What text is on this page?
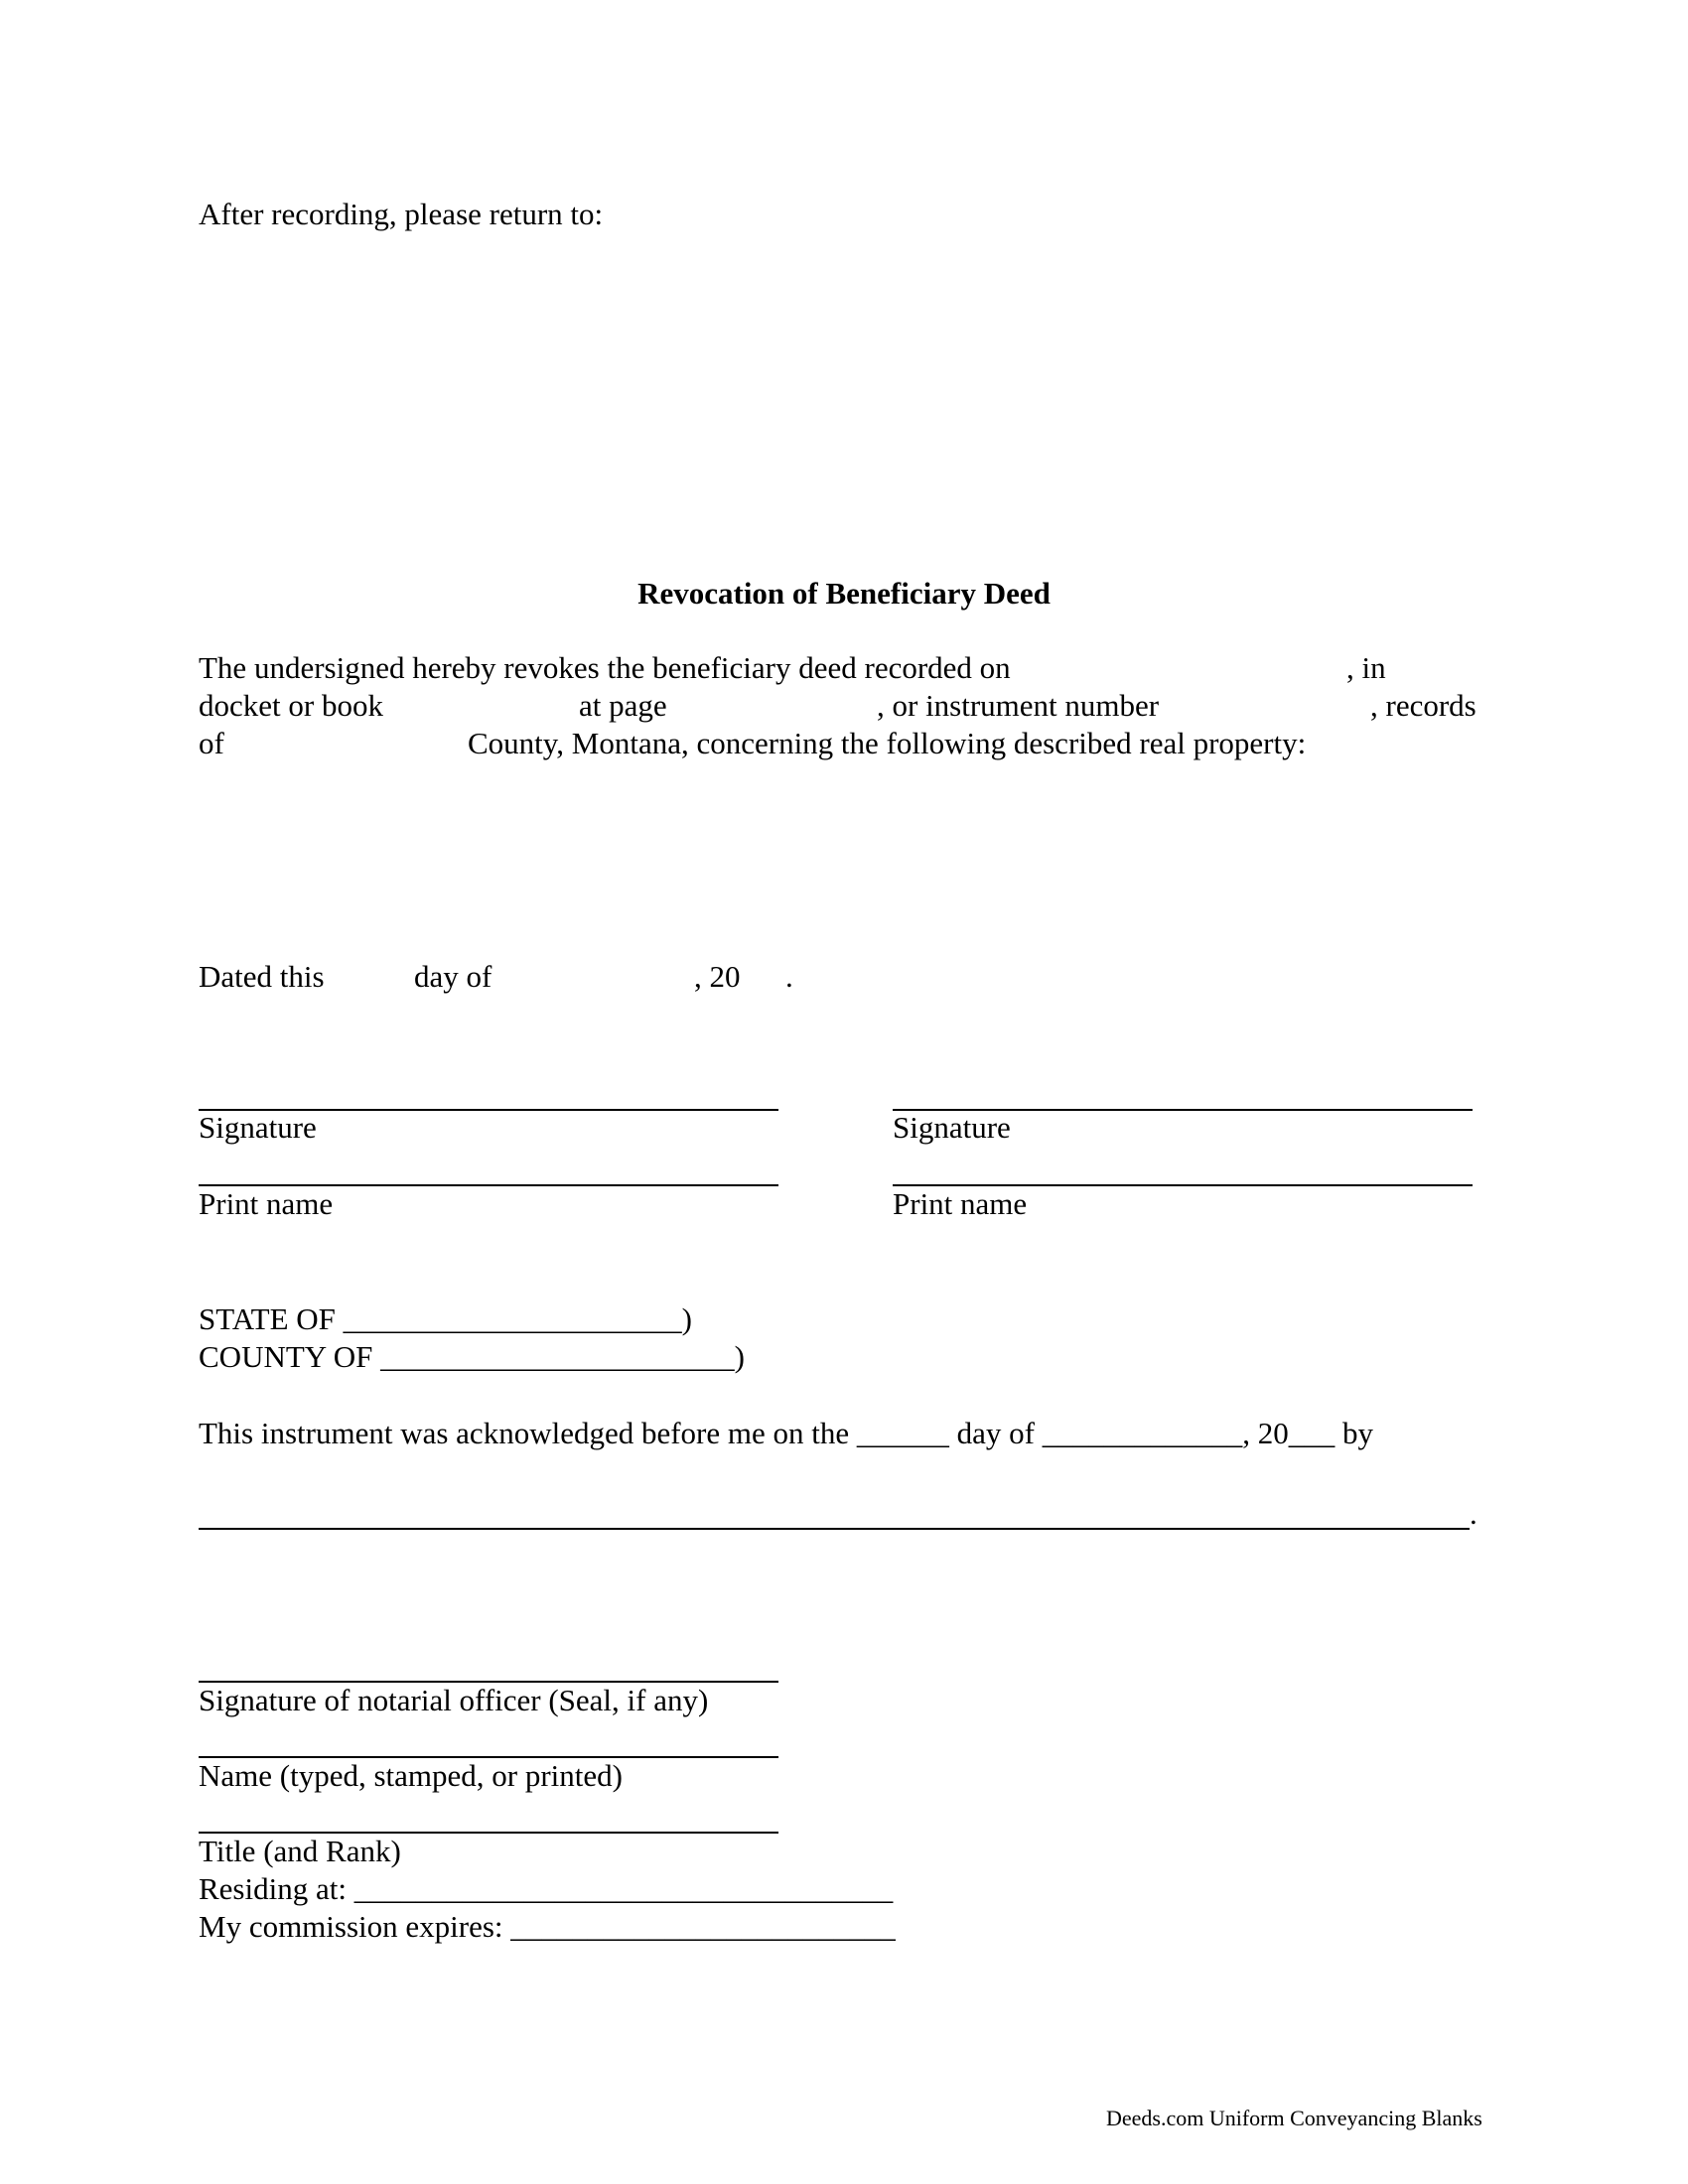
After recording, please return to:
Revocation of Beneficiary Deed
The undersigned hereby revokes the beneficiary deed recorded on	, in
docket or book	at page	, or instrument number	, records
of	County, Montana, concerning the following described real property:
Dated this	day of	, 20 .
Signature
Print name
Signature
Print name
STATE OF ______________________)
COUNTY OF _______________________)
This instrument was acknowledged before me on the ______ day of _____________, 20___ by
.
Signature of notarial officer (Seal, if any)
Name (typed, stamped, or printed)
Title (and Rank)
Residing at: ___________________________________
My commission expires: _________________________
Deeds.com Uniform Conveyancing Blanks
